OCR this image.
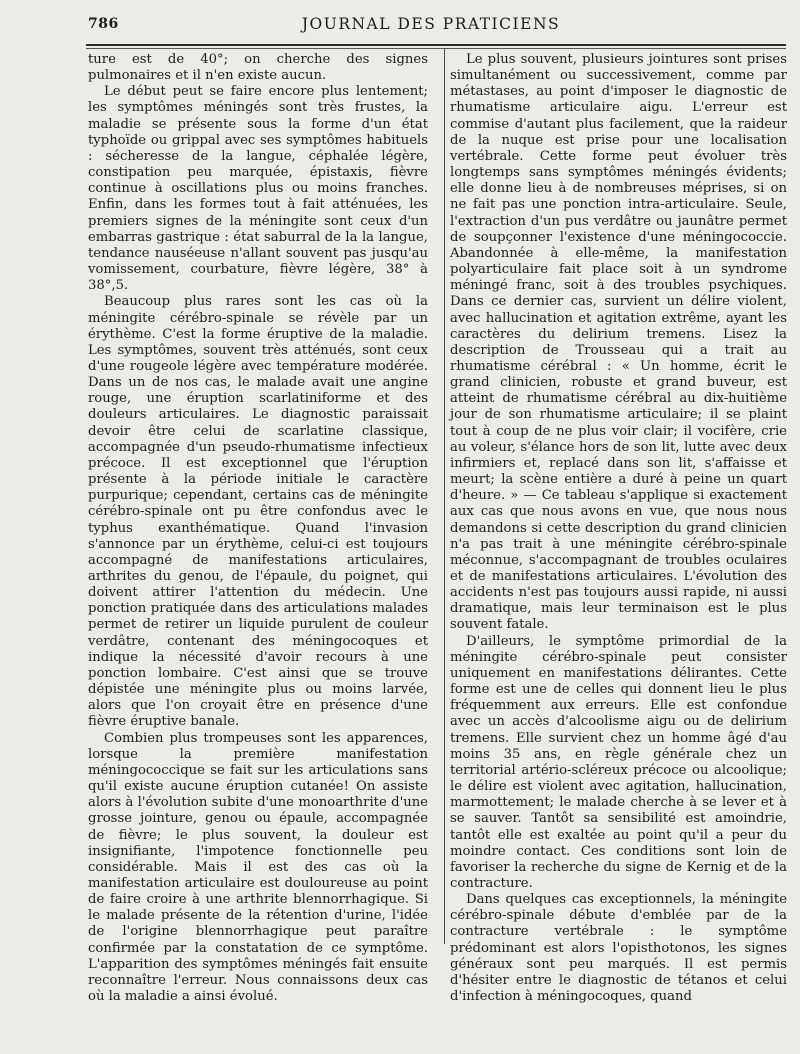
786	JOURNAL DES PRATICIENS

ture est de 40°; on cherche des signes pulmonaires et il n'en existe aucun.

Le début peut se faire encore plus lentement; les symptômes méningés sont très frustes, la maladie se présente sous la forme d'un état typhoïde ou grippal avec ses symptômes habituels : sécheresse de la langue, céphalée légère, constipation peu marquée, épistaxis, fièvre continue à oscillations plus ou moins franches. Enfin, dans les formes tout à fait atténuées, les premiers signes de la méningite sont ceux d'un embarras gastrique : état saburral de la la langue, tendance nauséeuse n'allant souvent pas jusqu'au vomissement, courbature, fièvre légère, 38° à 38°,5.

Beaucoup plus rares sont les cas où la méningite cérébro-spinale se révèle par un érythème. C'est la forme éruptive de la maladie. Les symptômes, souvent très atténués, sont ceux d'une rougeole légère avec température modérée. Dans un de nos cas, le malade avait une angine rouge, une éruption scarlatiniforme et des douleurs articulaires. Le diagnostic paraissait devoir être celui de scarlatine classique, accompagnée d'un pseudo-rhumatisme infectieux précoce. Il est exceptionnel que l'éruption présente à la période initiale le caractère purpurique; cependant, certains cas de méningite cérébro-spinale ont pu être confondus avec le typhus exanthématique. Quand l'invasion s'annonce par un érythème, celui-ci est toujours accompagné de manifestations articulaires, arthrites du genou, de l'épaule, du poignet, qui doivent attirer l'attention du médecin. Une ponction pratiquée dans des articulations malades permet de retirer un liquide purulent de couleur verdâtre, contenant des méningocoques et indique la nécessité d'avoir recours à une ponction lombaire. C'est ainsi que se trouve dépistée une méningite plus ou moins larvée, alors que l'on croyait être en présence d'une fièvre éruptive banale.

Combien plus trompeuses sont les apparences, lorsque la première manifestation méningococcique se fait sur les articulations sans qu'il existe aucune éruption cutanée! On assiste alors à l'évolution subite d'une monoarthrite d'une grosse jointure, genou ou épaule, accompagnée de fièvre; le plus souvent, la douleur est insignifiante, l'impotence fonctionnelle peu considérable. Mais il est des cas où la manifestation articulaire est douloureuse au point de faire croire à une arthrite blennorrhagique. Si le malade présente de la rétention d'urine, l'idée de l'origine blennorrhagique peut paraître confirmée par la constatation de ce symptôme. L'apparition des symptômes méningés fait ensuite reconnaître l'erreur. Nous connaissons deux cas où la maladie a ainsi évolué.

Le plus souvent, plusieurs jointures sont prises simultanément ou successivement, comme par métastases, au point d'imposer le diagnostic de rhumatisme articulaire aigu. L'erreur est commise d'autant plus facilement, que la raideur de la nuque est prise pour une localisation vertébrale. Cette forme peut évoluer très longtemps sans symptômes méningés évidents; elle donne lieu à de nombreuses méprises, si on ne fait pas une ponction intra-articulaire. Seule, l'extraction d'un pus verdâtre ou jaunâtre permet de soupçonner l'existence d'une méningococcie. Abandonnée à elle-même, la manifestation polyarticulaire fait place soit à un syndrome méningé franc, soit à des troubles psychiques. Dans ce dernier cas, survient un délire violent, avec hallucination et agitation extrême, ayant les caractères du delirium tremens. Lisez la description de Trousseau qui a trait au rhumatisme cérébral : « Un homme, écrit le grand clinicien, robuste et grand buveur, est atteint de rhumatisme cérébral au dix-huitième jour de son rhumatisme articulaire; il se plaint tout à coup de ne plus voir clair; il vocifère, crie au voleur, s'élance hors de son lit, lutte avec deux infirmiers et, replacé dans son lit, s'affaisse et meurt; la scène entière a duré à peine un quart d'heure. » — Ce tableau s'applique si exactement aux cas que nous avons en vue, que nous nous demandons si cette description du grand clinicien n'a pas trait à une méningite cérébro-spinale méconnue, s'accompagnant de troubles oculaires et de manifestations articulaires. L'évolution des accidents n'est pas toujours aussi rapide, ni aussi dramatique, mais leur terminaison est le plus souvent fatale.

D'ailleurs, le symptôme primordial de la méningite cérébro-spinale peut consister uniquement en manifestations délirantes. Cette forme est une de celles qui donnent lieu le plus fréquemment aux erreurs. Elle est confondue avec un accès d'alcoolisme aigu ou de delirium tremens. Elle survient chez un homme âgé d'au moins 35 ans, en règle générale chez un territorial artério-scléreux précoce ou alcoolique; le délire est violent avec agitation, hallucination, marmottement; le malade cherche à se lever et à se sauver. Tantôt sa sensibilité est amoindrie, tantôt elle est exaltée au point qu'il a peur du moindre contact. Ces conditions sont loin de favoriser la recherche du signe de Kernig et de la contracture.

Dans quelques cas exceptionnels, la méningite cérébro-spinale débute d'emblée par de la contracture vertébrale : le symptôme prédominant est alors l'opisthotonos, les signes généraux sont peu marqués. Il est permis d'hésiter entre le diagnostic de tétanos et celui d'infection à méningocoques, quand
